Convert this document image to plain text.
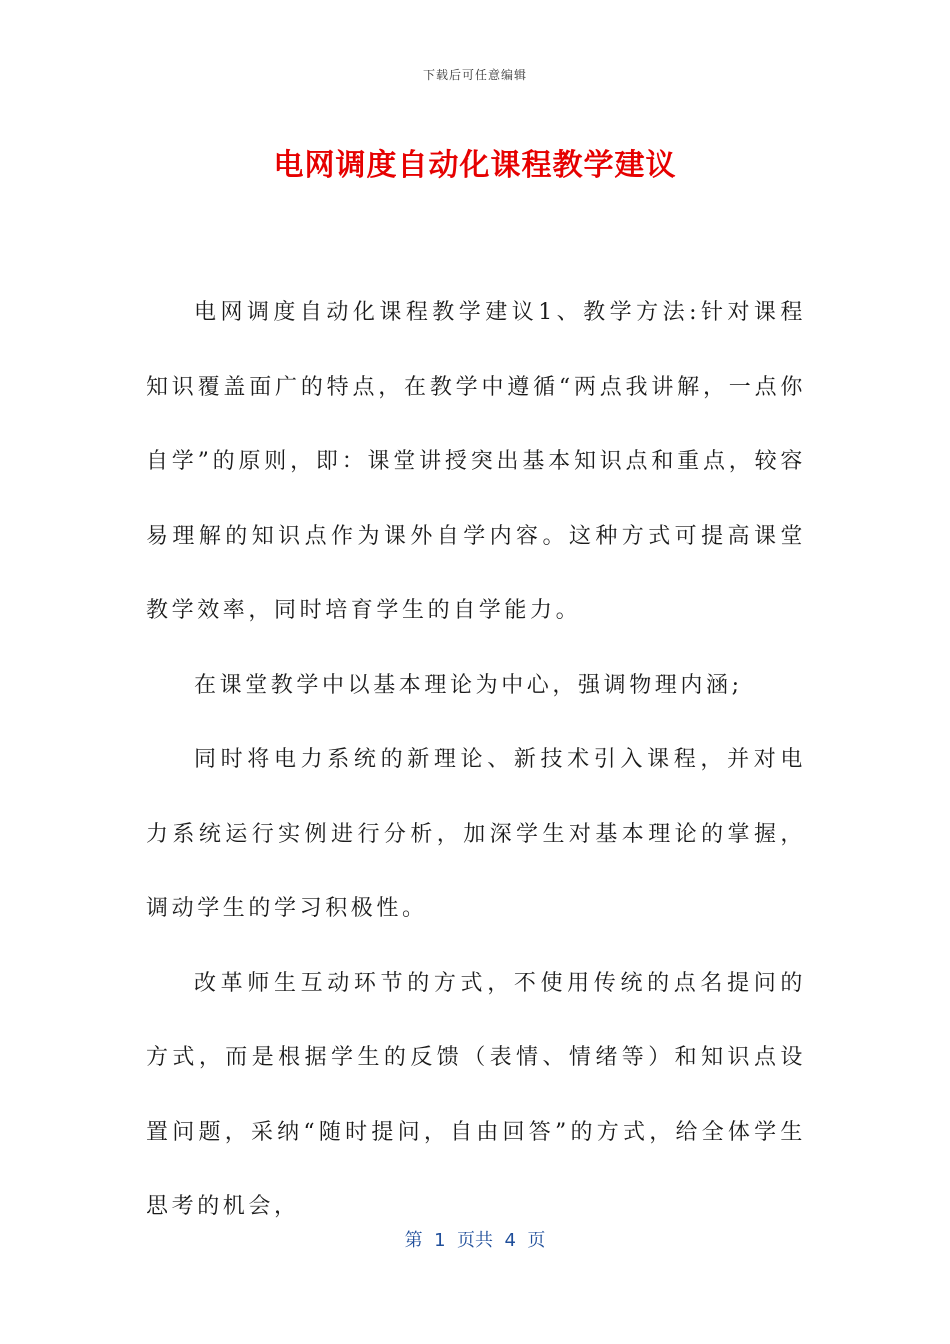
下载后可任意编辑
电网调度自动化课程教学建议

电网调度自动化课程教学建议1、教学方法:针对课程知识覆盖面广的特点，在教学中遵循“两点我讲解，一点你自学”的原则，即：课堂讲授突出基本知识点和重点，较容易理解的知识点作为课外自学内容。这种方式可提高课堂教学效率，同时培育学生的自学能力。

在课堂教学中以基本理论为中心，强调物理内涵;

同时将电力系统的新理论、新技术引入课程，并对电力系统运行实例进行分析，加深学生对基本理论的掌握，调动学生的学习积极性。

改革师生互动环节的方式，不使用传统的点名提问的方式，而是根据学生的反馈（表情、情绪等）和知识点设置问题，采纳“随时提问，自由回答”的方式，给全体学生思考的机会，

第  1  页共  4  页
